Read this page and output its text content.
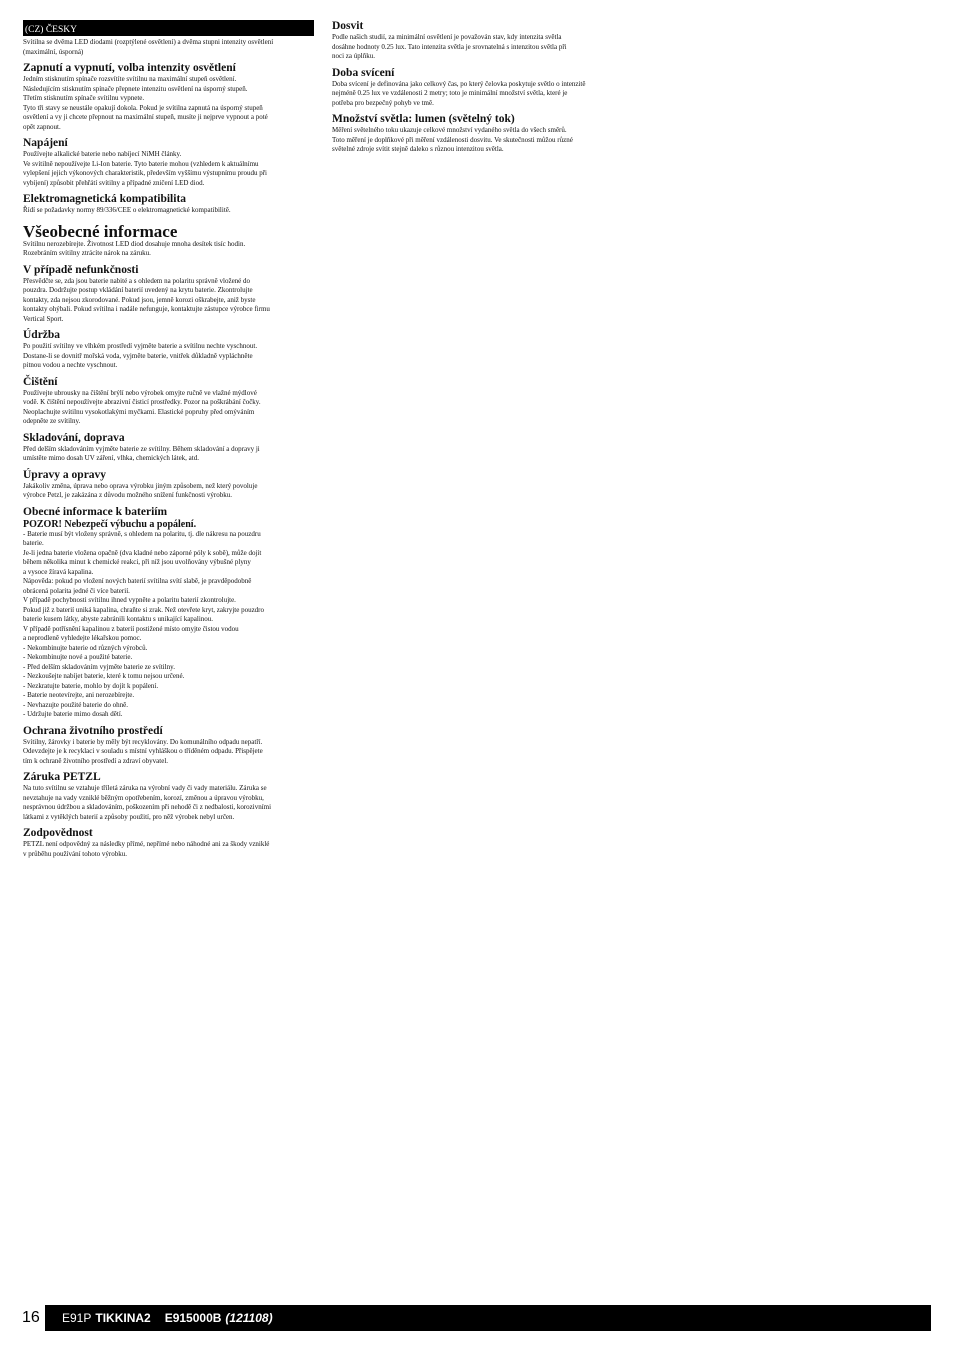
(CZ) ČESKY

Svítilna se dvěma LED diodami (rozptýlené osvětlení) a dvěma stupni intenzity osvětlení
(maximální, úsporná)

Zapnutí a vypnutí, volba intenzity osvětlení

Jedním stisknutím spínače rozsvítíte svítilnu na maximální stupeň osvětlení.
Následujícím stisknutím spínače přepnete intenzitu osvětlení na úsporný stupeň.
Třetím stisknutím spínače svítilnu vypnete.
Tyto tři stavy se neustále opakují dokola. Pokud je svítilna zapnutá na úsporný stupeň
osvětlení a vy ji chcete přepnout na maximální stupeň, musíte ji nejprve vypnout a poté
opět zapnout.

Napájení

Používejte alkalické baterie nebo nabíjecí NiMH články.
Ve svítilně nepoužívejte Li-Ion baterie. Tyto baterie mohou (vzhledem k aktuálnímu
vylepšení jejich výkonových charakteristik, především vyššímu výstupnímu proudu při
vybíjení) způsobit přehřátí svítilny a případné zničení LED diod.

Elektromagnetická kompatibilita

Řídí se požadavky normy 89/336/CEE o elektromagnetické kompatibilitě.

Všeobecné informace

Svítilnu nerozebírejte. Životnost LED diod dosahuje mnoha desítek tisíc hodin.
Rozebráním svítilny ztrácíte nárok na záruku.

V případě nefunkčnosti

Přesvědčte se, zda jsou baterie nabité a s ohledem na polaritu správně vložené do
pouzdra. Dodržujte postup vkládání baterií uvedený na krytu baterie. Zkontrolujte
kontakty, zda nejsou zkorodované. Pokud jsou, jemně korozi oškrabejte, aniž byste
kontakty ohýbali. Pokud svítilna i nadále nefunguje, kontaktujte zástupce výrobce firmu
Vertical Sport.

Údržba

Po použití svítilny ve vlhkém prostředí vyjměte baterie a svítilnu nechte vyschnout.
Dostane-li se dovnitř mořská voda, vyjměte baterie, vnitřek důkladně vypláchněte
pitnou vodou a nechte vyschnout.

Čištění

Používejte ubrousky na čištění brýlí nebo výrobek omyjte ručně ve vlažné mýdlové
vodě. K čištění nepoužívejte abrazivní čisticí prostředky. Pozor na poškrábání čočky.
Neoplachujte svítilnu vysokotlakými myčkami. Elastické popruhy před omýváním
odepněte ze svítilny.

Skladování, doprava

Před delším skladováním vyjměte baterie ze svítilny. Během skladování a dopravy ji
umístěte mimo dosah UV záření, vlhka, chemických látek, atd.

Úpravy a opravy

Jakákoliv změna, úprava nebo oprava výrobku jiným způsobem, než který povoluje
výrobce Petzl, je zakázána z důvodu možného snížení funkčnosti výrobku.

Obecné informace k bateriím
POZOR! Nebezpečí výbuchu a popálení.

- Baterie musí být vloženy správně, s ohledem na polaritu, tj. dle nákresu na pouzdru
baterie.
Je-li jedna baterie vložena opačně (dva kladné nebo záporné póly k sobě), může dojít
během několika minut k chemické reakci, při níž jsou uvolňovány výbušné plyny
a vysoce žíravá kapalina.
Nápověda: pokud po vložení nových baterií svítilna svítí slabě, je pravděpodobně
obrácená polarita jedné či více baterií.
V případě pochybnosti svítilnu ihned vypněte a polaritu baterií zkontrolujte.
Pokud již z baterií uniká kapalina, chraňte si zrak. Než otevřete kryt, zakryjte pouzdro
baterie kusem látky, abyste zabránili kontaktu s unikající kapalinou.
V případě potřísnění kapalinou z baterií postižené místo omyjte čistou vodou
a neprodleně vyhledejte lékařskou pomoc.
- Nekombinujte baterie od různých výrobců.
- Nekombinujte nové a použité baterie.
- Před delším skladováním vyjměte baterie ze svítilny.
- Nezkoušejte nabíjet baterie, které k tomu nejsou určené.
- Nezkratujte baterie, mohlo by dojít k popálení.
- Baterie neotevírejte, ani nerozebírejte.
- Nevhazujte použité baterie do ohně.
- Udržujte baterie mimo dosah dětí.

Ochrana životního prostředí

Svítilny, žárovky i baterie by měly být recyklovány. Do komunálního odpadu nepatří.
Odevzdejte je k recyklaci v souladu s místní vyhláškou o tříděném odpadu. Přispějete
tím k ochraně životního prostředí a zdraví obyvatel.

Záruka PETZL

Na tuto svítilnu se vztahuje tříletá záruka na výrobní vady či vady materiálu. Záruka se
nevztahuje na vady vzniklé běžným opotřebením, korozí, změnou a úpravou výrobku,
nesprávnou údržbou a skladováním, poškozením při nehodě či z nedbalosti, korozivními
látkami z vytěklých baterií a způsoby použití, pro něž výrobek nebyl určen.

Zodpovědnost

PETZL není odpovědný za následky přímé, nepřímé nebo náhodné ani za škody vzniklé
v průběhu používání tohoto výrobku.

Dosvit

Podle našich studií, za minimální osvětlení je považován stav, kdy intenzita světla
dosáhne hodnoty 0.25 lux. Tato intenzita světla je srovnatelná s intenzitou světla při
noci za úplňku.

Doba svícení

Doba svícení je definována jako celkový čas, po který čelovka poskytuje světlo o intenzitě
nejméně 0.25 lux ve vzdálenosti 2 metry; toto je minimální množství světla, které je
potřeba pro bezpečný pohyb ve tmě.

Množství světla: lumen (světelný tok)

Měření světelného toku ukazuje celkové množství vydaného světla do všech směrů.
Toto měření je doplňkové při měření vzdálenosti dosvitu. Ve skutečnosti můžou různé
světelné zdroje svítit stejně daleko s různou intenzitou světla.

16	E91P TIKKINA2 E915000B (121108)
